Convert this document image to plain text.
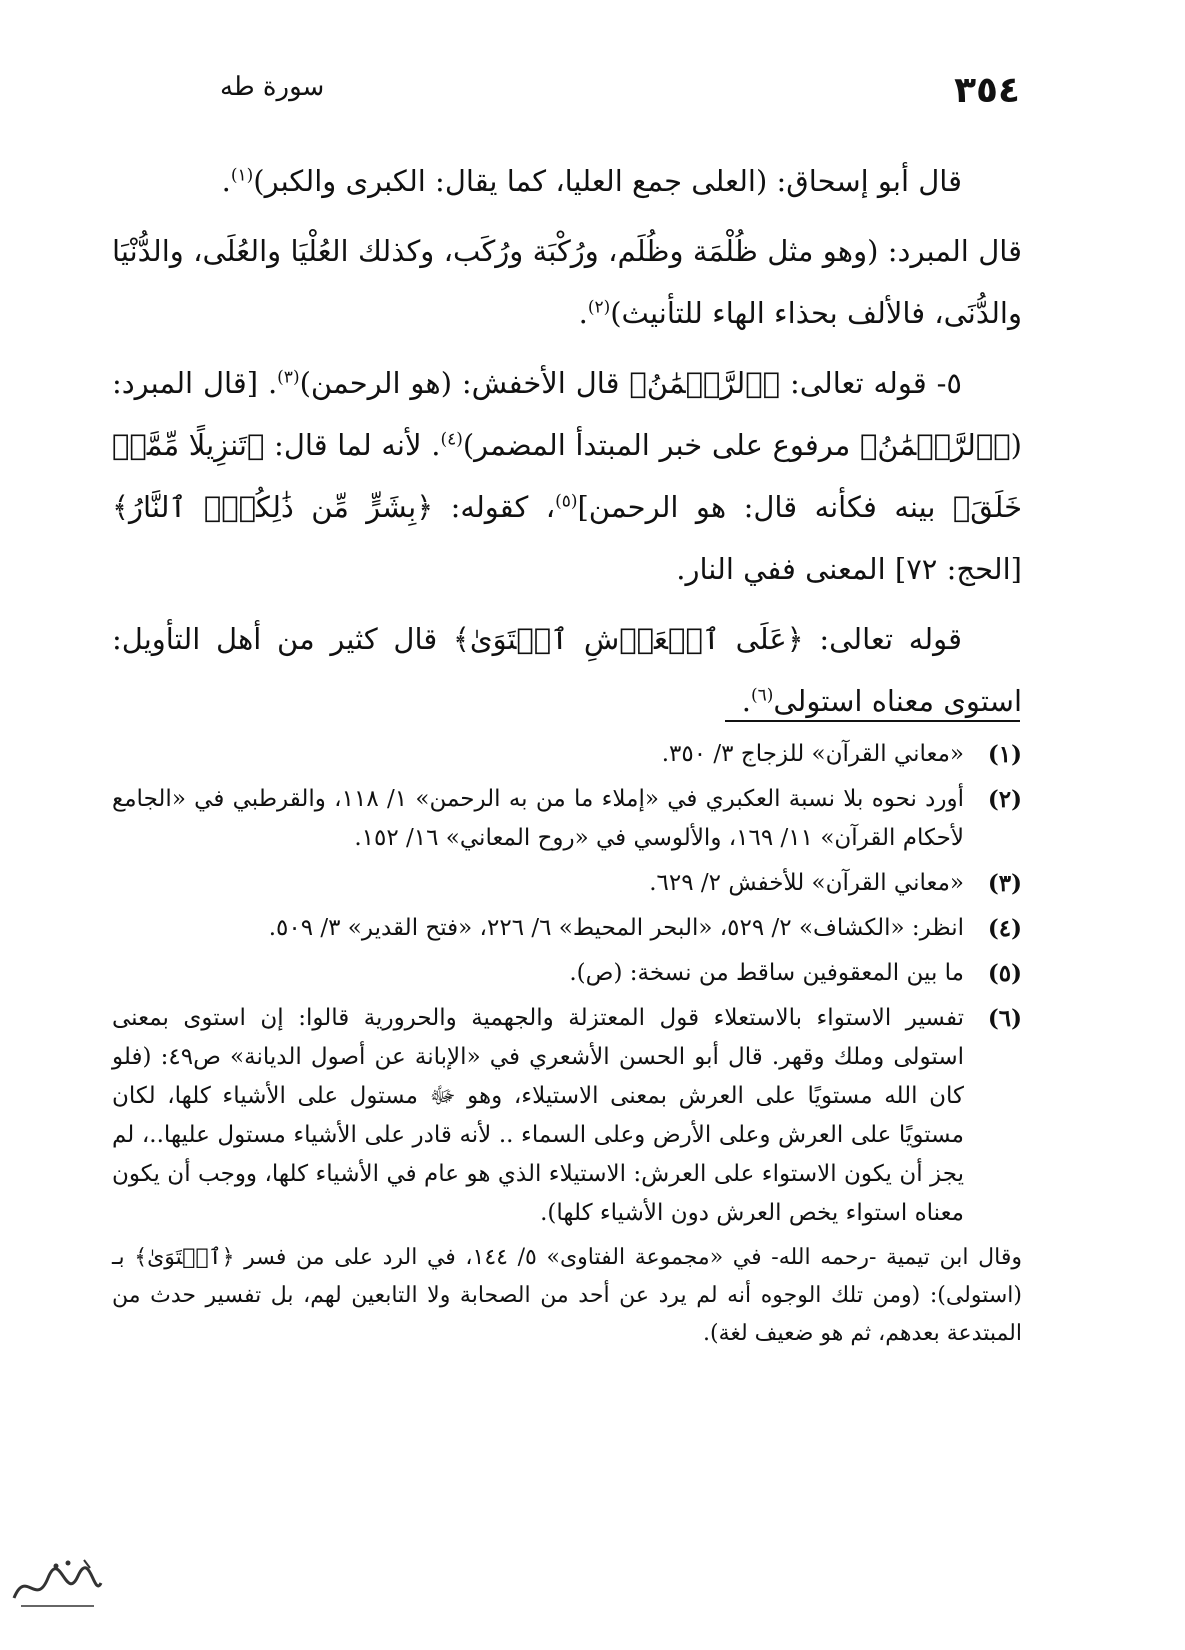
سورة طه	٣٥٤

قال أبو إسحاق: (العلى جمع العليا، كما يقال: الكبرى والكبر)$^{(١)}$.

قال المبرد: (وهو مثل ظُلْمَة وظُلَم، ورُكْبَة ورُكَب، وكذلك العُلْيَا والعُلَى، والدُّنْيَا والدُّنَى، فالألف بحذاء الهاء للتأنيث)$^{(٢)}$.

٥- قوله تعالى: ﴿ٱلرَّحۡمَٰنُ﴾ قال الأخفش: (هو الرحمن)$^{(٣)}$. [قال المبرد: (﴿ٱلرَّحۡمَٰنُ﴾ مرفوع على خبر المبتدأ المضمر)$^{(٤)}$. لأنه لما قال: ﴿تَنزِيلًا مِّمَّنۡ خَلَقَ﴾ بينه فكأنه قال: هو الرحمن]$^{(٥)}$، كقوله: ﴿بِشَرٍّ مِّن ذَٰلِكُمُۚ ٱلنَّارُ﴾ [الحج: ٧٢] المعنى ففي النار.

قوله تعالى: ﴿عَلَى ٱلۡعَرۡشِ ٱسۡتَوَىٰ﴾ قال كثير من أهل التأويل: استوى معناه استولى$^{(٦)}$.

(١)

«معاني القرآن» للزجاج ٣/ ٣٥٠.

(٢)

أورد نحوه بلا نسبة العكبري في «إملاء ما من به الرحمن» ١/ ١١٨، والقرطبي في «الجامع لأحكام القرآن» ١١/ ١٦٩، والألوسي في «روح المعاني» ١٦/ ١٥٢.

(٣)

«معاني القرآن» للأخفش ٢/ ٦٢٩.

(٤)

انظر: «الكشاف» ٢/ ٥٢٩، «البحر المحيط» ٦/ ٢٢٦، «فتح القدير» ٣/ ٥٠٩.

(٥)

ما بين المعقوفين ساقط من نسخة: (ص).

(٦)

تفسير الاستواء بالاستعلاء قول المعتزلة والجهمية والحرورية قالوا: إن استوى بمعنى استولى وملك وقهر. قال أبو الحسن الأشعري في «الإبانة عن أصول الديانة» ص٤٩: (فلو كان الله مستويًا على العرش بمعنى الاستيلاء، وهو ﷻ مستول على الأشياء كلها، لكان مستويًا على العرش وعلى الأرض وعلى السماء .. لأنه قادر على الأشياء مستول عليها..، لم يجز أن يكون الاستواء على العرش: الاستيلاء الذي هو عام في الأشياء كلها، ووجب أن يكون معناه استواء يخص العرش دون الأشياء كلها).

وقال ابن تيمية -رحمه الله- في «مجموعة الفتاوى» ٥/ ١٤٤، في الرد على من فسر ﴿ٱسۡتَوَىٰ﴾ بـ (استولى): (ومن تلك الوجوه أنه لم يرد عن أحد من الصحابة ولا التابعين لهم، بل تفسير حدث من المبتدعة بعدهم، ثم هو ضعيف لغة).
